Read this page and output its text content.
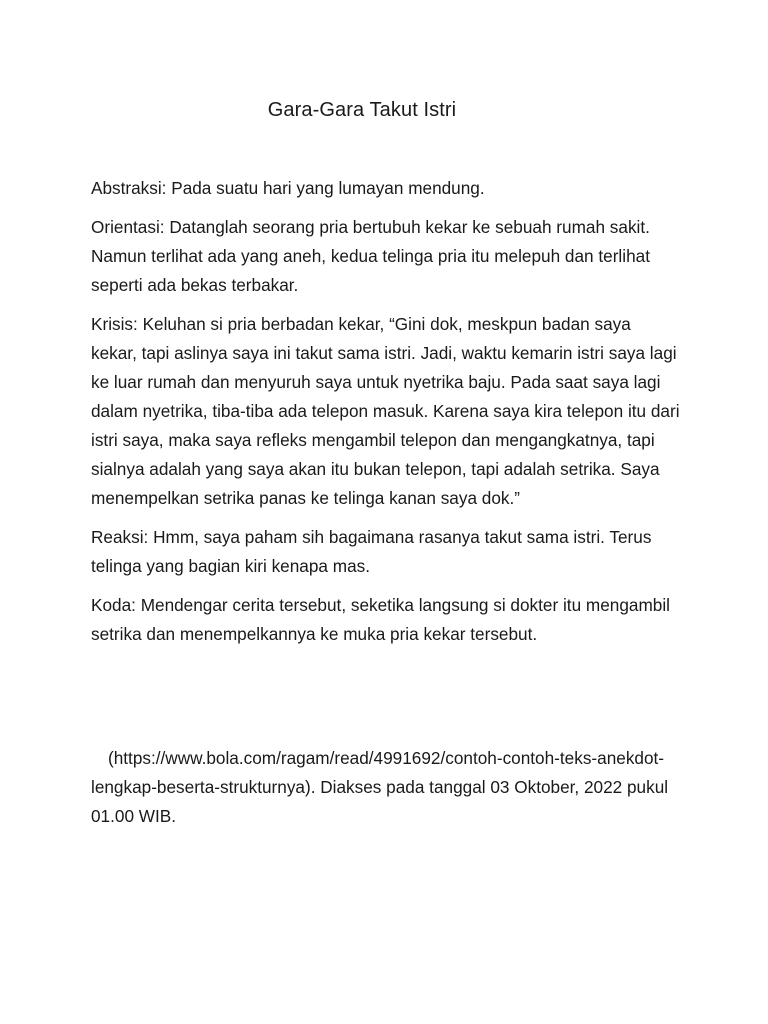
Gara-Gara Takut Istri

Abstraksi: Pada suatu hari yang lumayan mendung.

Orientasi: Datanglah seorang pria bertubuh kekar ke sebuah rumah sakit. Namun terlihat ada yang aneh, kedua telinga pria itu melepuh dan terlihat seperti ada bekas terbakar.

Krisis: Keluhan si pria berbadan kekar, “Gini dok, meskpun badan saya kekar, tapi aslinya saya ini takut sama istri. Jadi, waktu kemarin istri saya lagi ke luar rumah dan menyuruh saya untuk nyetrika baju. Pada saat saya lagi dalam nyetrika, tiba-tiba ada telepon masuk. Karena saya kira telepon itu dari istri saya, maka saya refleks mengambil telepon dan mengangkatnya, tapi sialnya adalah yang saya akan itu bukan telepon, tapi adalah setrika. Saya menempelkan setrika panas ke telinga kanan saya dok.”

Reaksi: Hmm, saya paham sih bagaimana rasanya takut sama istri. Terus telinga yang bagian kiri kenapa mas.

Koda: Mendengar cerita tersebut, seketika langsung si dokter itu mengambil setrika dan menempelkannya ke muka pria kekar tersebut.

(https://www.bola.com/ragam/read/4991692/contoh-contoh-teks-anekdot-lengkap-beserta-strukturnya). Diakses pada tanggal 03 Oktober, 2022 pukul 01.00 WIB.
